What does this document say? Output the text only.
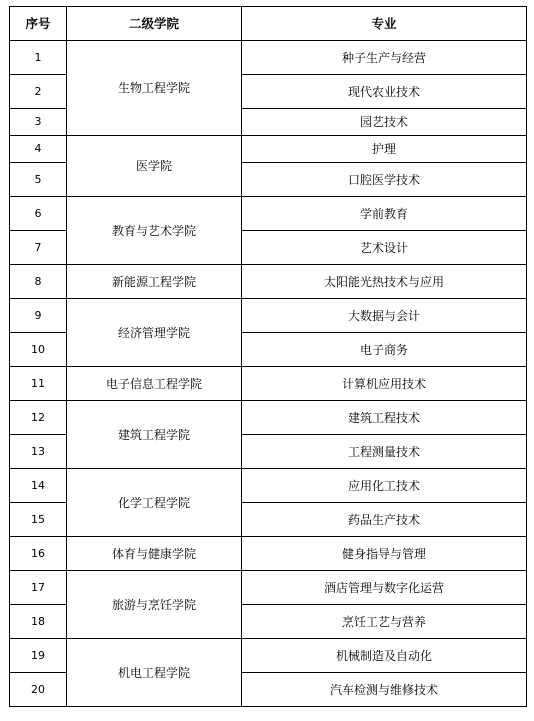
序号	二级学院	专业
1	生物工程学院	种子生产与经营
2		现代农业技术
3		园艺技术
4	医学院	护理
5		口腔医学技术
6	教育与艺术学院	学前教育
7		艺术设计
8	新能源工程学院	太阳能光热技术与应用
9	经济管理学院	大数据与会计
10		电子商务
11	电子信息工程学院	计算机应用技术
12	建筑工程学院	建筑工程技术
13		工程测量技术
14	化学工程学院	应用化工技术
15		药品生产技术
16	体育与健康学院	健身指导与管理
17	旅游与烹饪学院	酒店管理与数字化运营
18		烹饪工艺与营养
19	机电工程学院	机械制造及自动化
20		汽车检测与维修技术
